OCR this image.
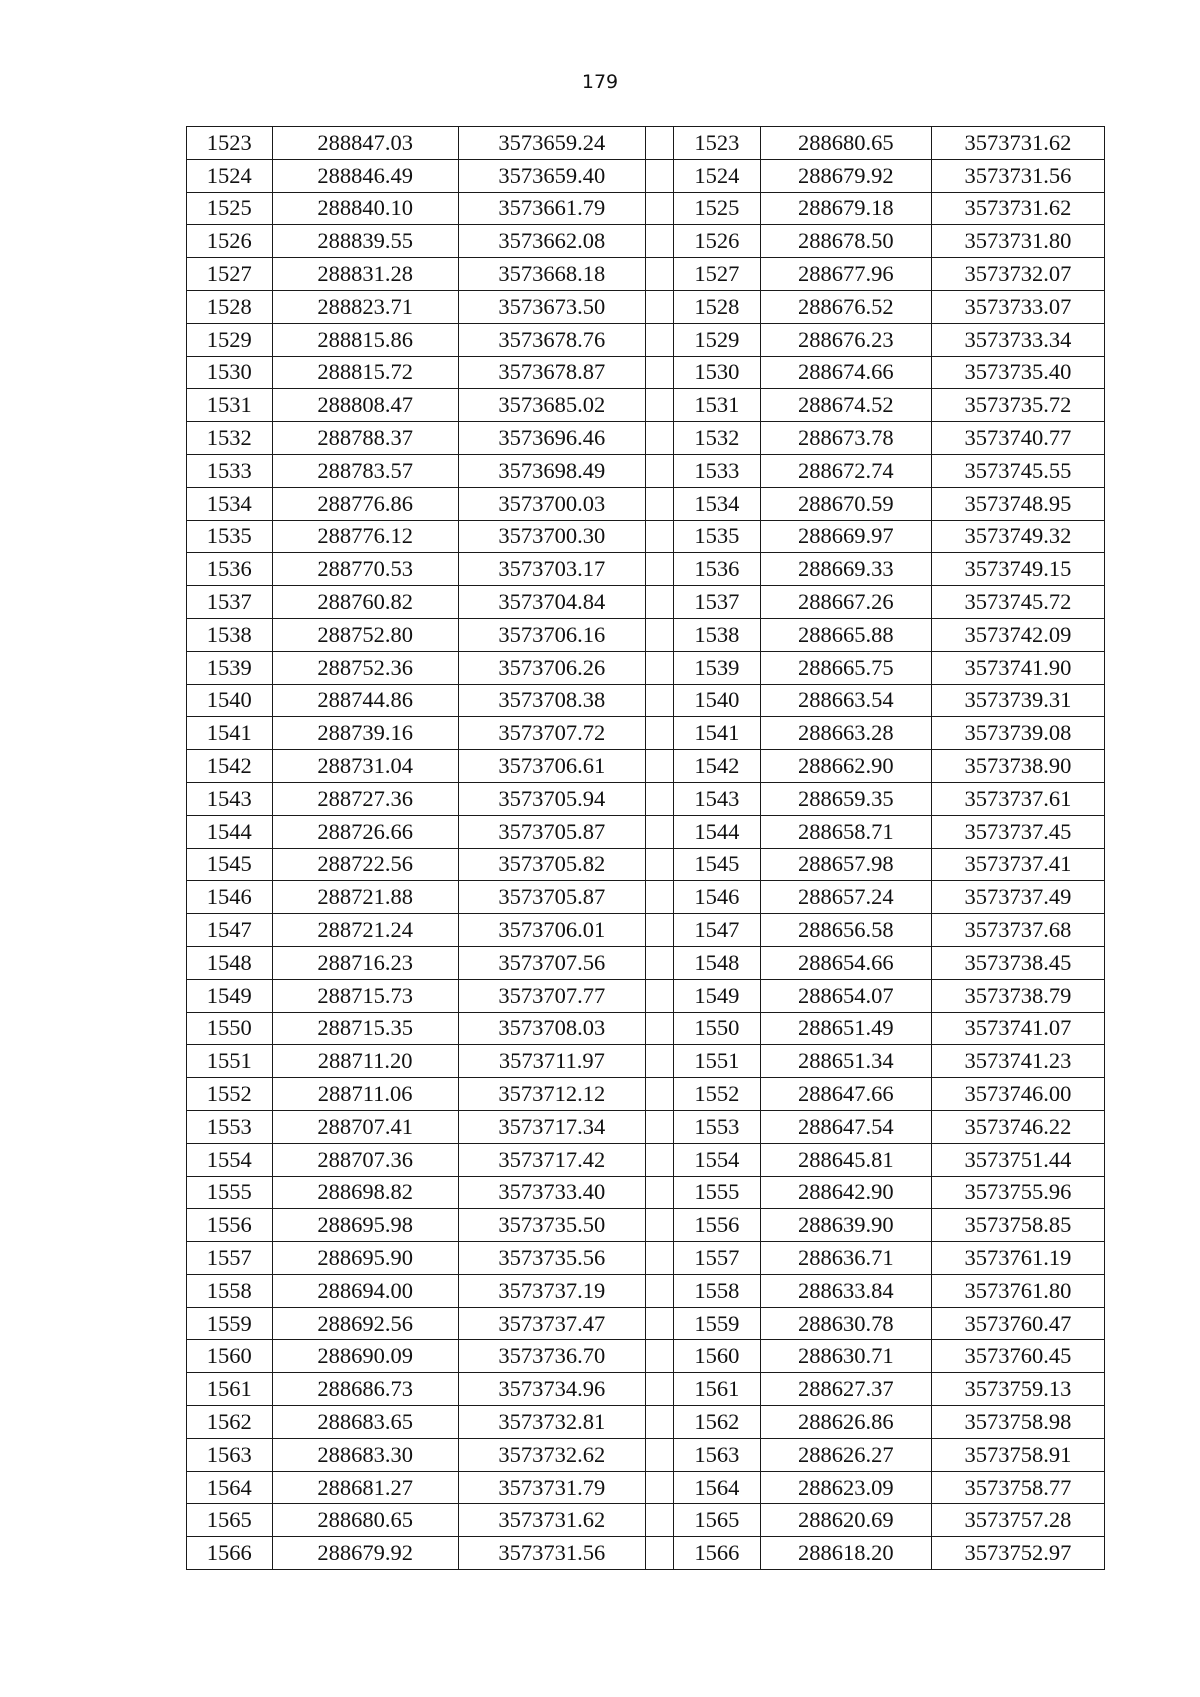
179
1523	288847.03	3573659.24		1523	288680.65	3573731.62
1524	288846.49	3573659.40		1524	288679.92	3573731.56
1525	288840.10	3573661.79		1525	288679.18	3573731.62
1526	288839.55	3573662.08		1526	288678.50	3573731.80
1527	288831.28	3573668.18		1527	288677.96	3573732.07
1528	288823.71	3573673.50		1528	288676.52	3573733.07
1529	288815.86	3573678.76		1529	288676.23	3573733.34
1530	288815.72	3573678.87		1530	288674.66	3573735.40
1531	288808.47	3573685.02		1531	288674.52	3573735.72
1532	288788.37	3573696.46		1532	288673.78	3573740.77
1533	288783.57	3573698.49		1533	288672.74	3573745.55
1534	288776.86	3573700.03		1534	288670.59	3573748.95
1535	288776.12	3573700.30		1535	288669.97	3573749.32
1536	288770.53	3573703.17		1536	288669.33	3573749.15
1537	288760.82	3573704.84		1537	288667.26	3573745.72
1538	288752.80	3573706.16		1538	288665.88	3573742.09
1539	288752.36	3573706.26		1539	288665.75	3573741.90
1540	288744.86	3573708.38		1540	288663.54	3573739.31
1541	288739.16	3573707.72		1541	288663.28	3573739.08
1542	288731.04	3573706.61		1542	288662.90	3573738.90
1543	288727.36	3573705.94		1543	288659.35	3573737.61
1544	288726.66	3573705.87		1544	288658.71	3573737.45
1545	288722.56	3573705.82		1545	288657.98	3573737.41
1546	288721.88	3573705.87		1546	288657.24	3573737.49
1547	288721.24	3573706.01		1547	288656.58	3573737.68
1548	288716.23	3573707.56		1548	288654.66	3573738.45
1549	288715.73	3573707.77		1549	288654.07	3573738.79
1550	288715.35	3573708.03		1550	288651.49	3573741.07
1551	288711.20	3573711.97		1551	288651.34	3573741.23
1552	288711.06	3573712.12		1552	288647.66	3573746.00
1553	288707.41	3573717.34		1553	288647.54	3573746.22
1554	288707.36	3573717.42		1554	288645.81	3573751.44
1555	288698.82	3573733.40		1555	288642.90	3573755.96
1556	288695.98	3573735.50		1556	288639.90	3573758.85
1557	288695.90	3573735.56		1557	288636.71	3573761.19
1558	288694.00	3573737.19		1558	288633.84	3573761.80
1559	288692.56	3573737.47		1559	288630.78	3573760.47
1560	288690.09	3573736.70		1560	288630.71	3573760.45
1561	288686.73	3573734.96		1561	288627.37	3573759.13
1562	288683.65	3573732.81		1562	288626.86	3573758.98
1563	288683.30	3573732.62		1563	288626.27	3573758.91
1564	288681.27	3573731.79		1564	288623.09	3573758.77
1565	288680.65	3573731.62		1565	288620.69	3573757.28
1566	288679.92	3573731.56		1566	288618.20	3573752.97
